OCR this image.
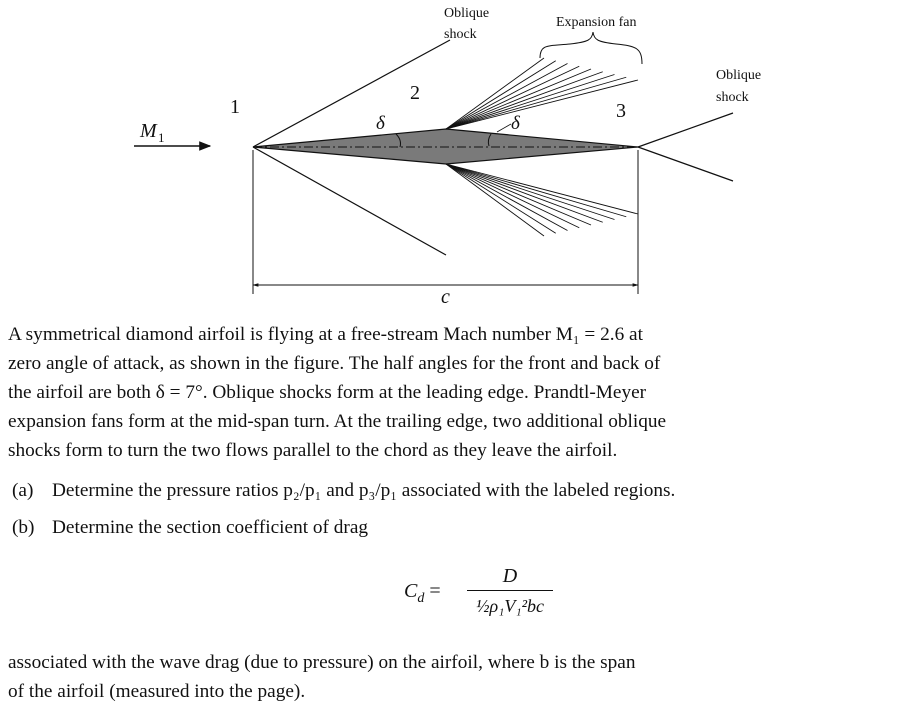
Oblique
shock
Expansion fan
Oblique
shock
1
2
3
M 1
δ	δ
c
A symmetrical diamond airfoil is flying at a free-stream Mach number M₁ = 2.6 at
zero angle of attack, as shown in the figure. The half angles for the front and back of
the airfoil are both δ = 7°. Oblique shocks form at the leading edge. Prandtl-Meyer
expansion fans form at the mid-span turn. At the trailing edge, two additional oblique
shocks form to turn the two flows parallel to the chord as they leave the airfoil.
(a) Determine the pressure ratios p₂/p₁ and p₃/p₁ associated with the labeled regions.
(b) Determine the section coefficient of drag
$C_d$ =
D
½ρ₁V₁²bc
associated with the wave drag (due to pressure) on the airfoil, where b is the span
of the airfoil (measured into the page).
